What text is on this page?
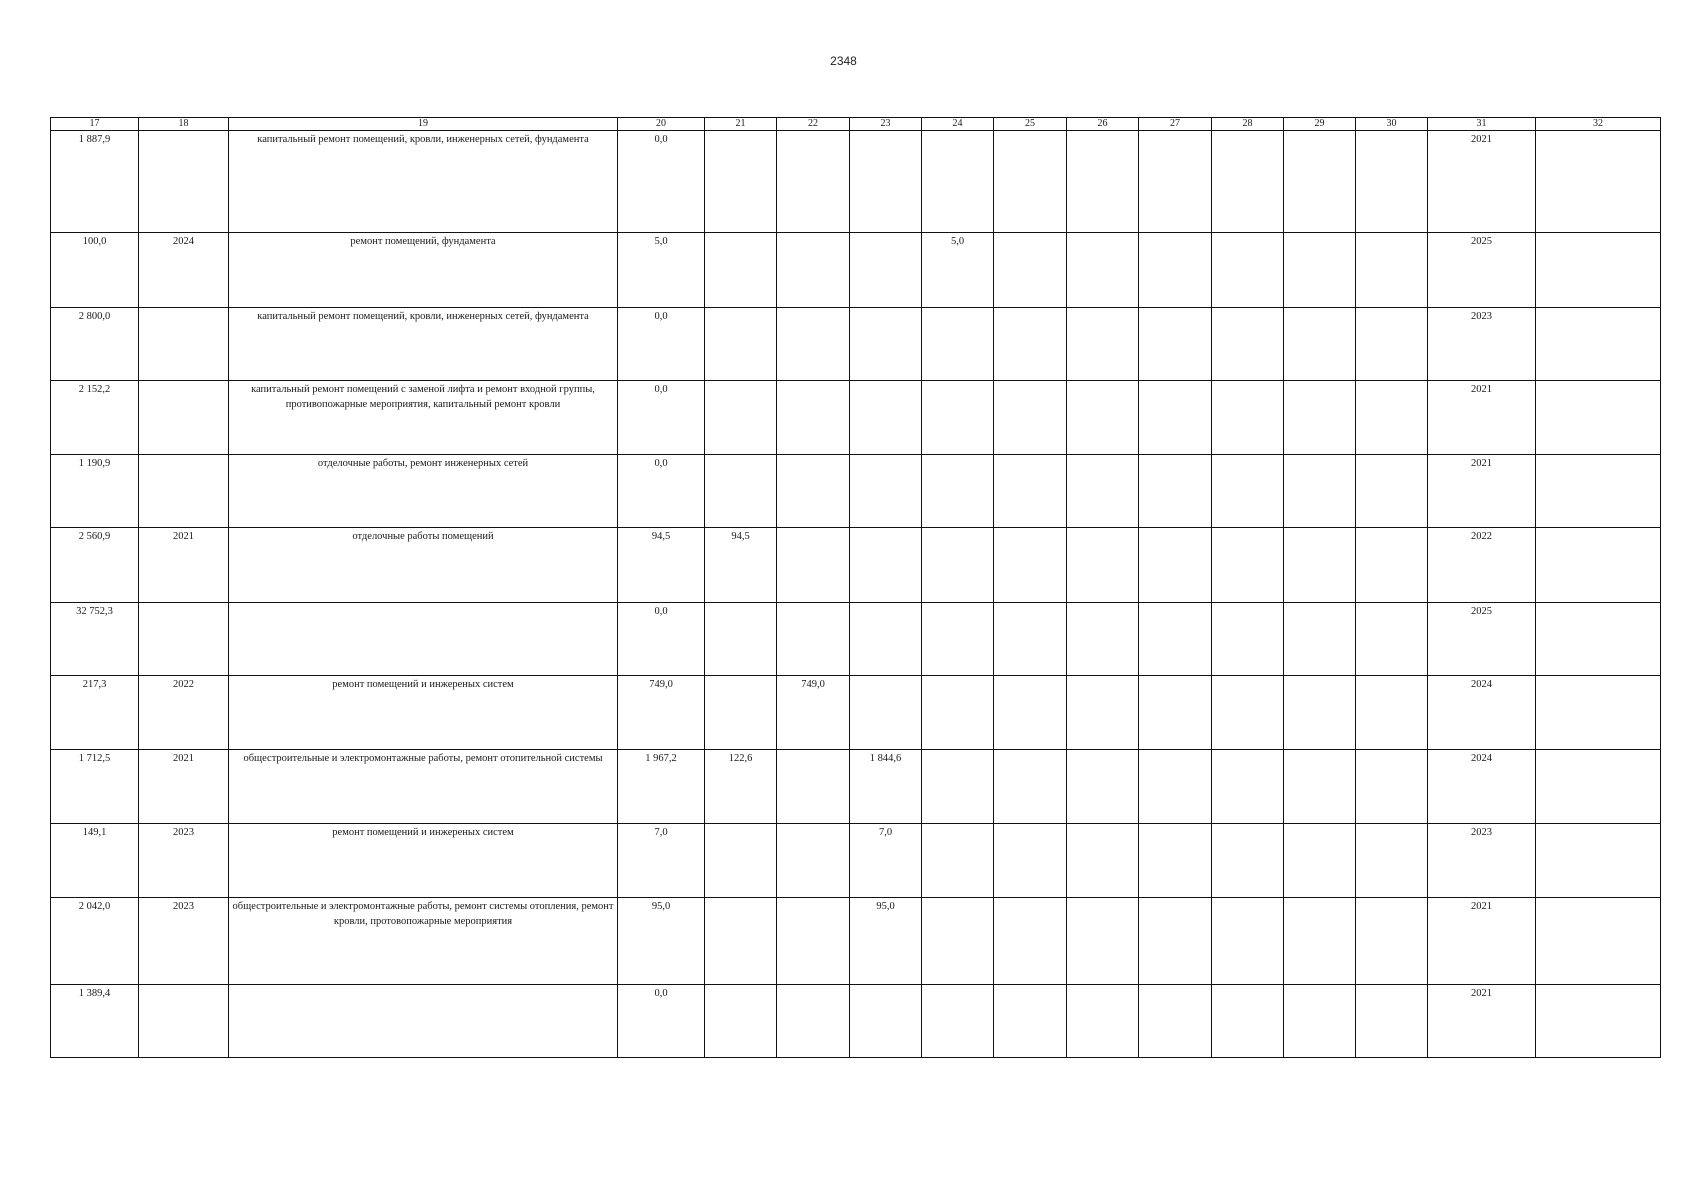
2348
17	18	19	20	21	22	23	24	25	26	27	28	29	30	31	32
1 887,9		капитальный ремонт помещений, кровли, инженерных сетей, фундамента	0,0											2021	
100,0	2024	ремонт помещений, фундамента	5,0				5,0							2025	
2 800,0		капитальный ремонт помещений, кровли, инженерных сетей, фундамента	0,0											2023	
2 152,2		капитальный ремонт помещений с заменой лифта и ремонт входной группы, противопожарные мероприятия, капитальный ремонт кровли	0,0											2021	
1 190,9		отделочные работы, ремонт инженерных сетей	0,0											2021	
2 560,9	2021	отделочные работы помещений	94,5	94,5										2022	
32 752,3			0,0											2025	
217,3	2022	ремонт помещений и инжереных систем	749,0		749,0									2024	
1 712,5	2021	общестроительные и электромонтажные работы, ремонт отопительной системы	1 967,2	122,6		1 844,6								2024	
149,1	2023	ремонт помещений и инжереных систем	7,0			7,0								2023	
2 042,0	2023	общестроительные и электромонтажные работы, ремонт системы отопления, ремонт кровли, протовопожарные мероприятия	95,0			95,0								2021	
1 389,4			0,0											2021	
